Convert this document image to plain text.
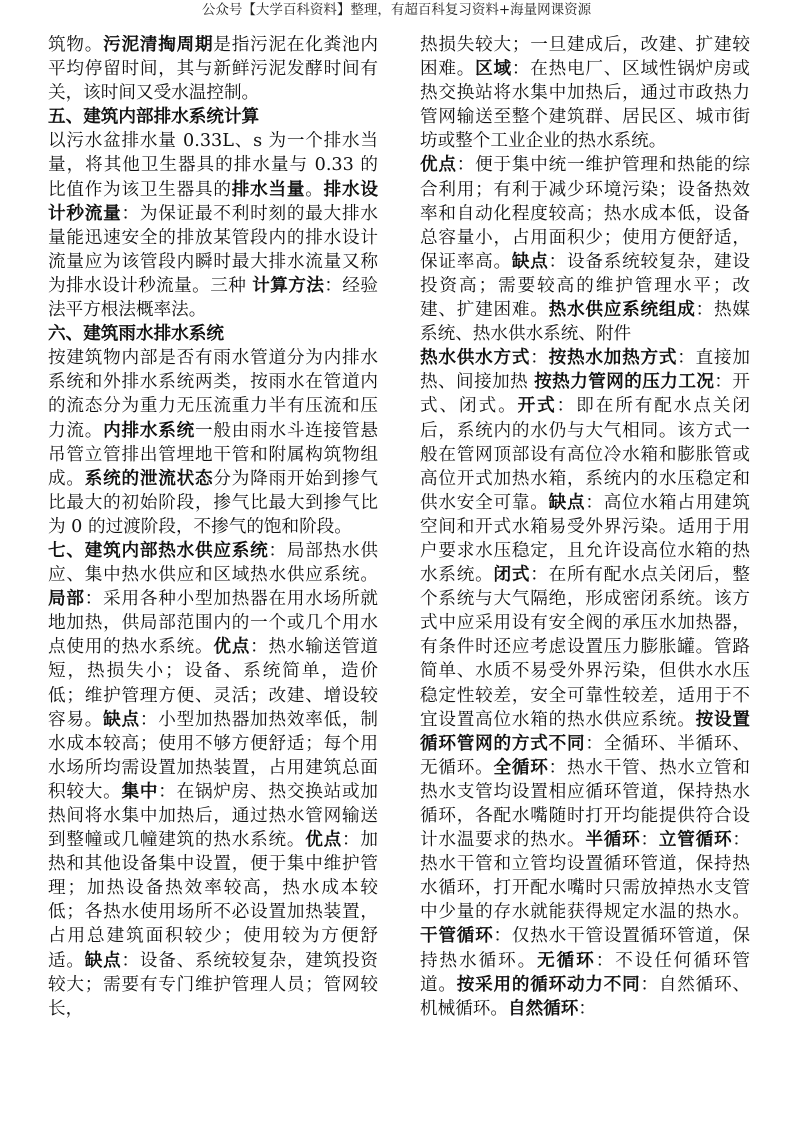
公众号【大学百科资料】整理，有超百科复习资料+海量网课资源

筑物。污泥清掏周期是指污泥在化粪池内平均停留时间，其与新鲜污泥发酵时间有关，该时间又受水温控制。

五、建筑内部排水系统计算

以污水盆排水量 0.33L、s 为一个排水当量，将其他卫生器具的排水量与 0.33 的比值作为该卫生器具的排水当量。排水设计秒流量：为保证最不利时刻的最大排水量能迅速安全的排放某管段内的排水设计流量应为该管段内瞬时最大排水流量又称为排水设计秒流量。三种 计算方法：经验法平方根法概率法。

六、建筑雨水排水系统

按建筑物内部是否有雨水管道分为内排水系统和外排水系统两类，按雨水在管道内的流态分为重力无压流重力半有压流和压力流。内排水系统一般由雨水斗连接管悬吊管立管排出管埋地干管和附属构筑物组成。系统的泄流状态分为降雨开始到掺气比最大的初始阶段，掺气比最大到掺气比为 0 的过渡阶段，不掺气的饱和阶段。

七、建筑内部热水供应系统：局部热水供应、集中热水供应和区域热水供应系统。局部：采用各种小型加热器在用水场所就地加热，供局部范围内的一个或几个用水点使用的热水系统。优点：热水输送管道短，热损失小；设备、系统简单，造价低；维护管理方便、灵活；改建、增设较容易。缺点：小型加热器加热效率低，制水成本较高；使用不够方便舒适；每个用水场所均需设置加热装置，占用建筑总面积较大。集中：在锅炉房、热交换站或加热间将水集中加热后，通过热水管网输送到整幢或几幢建筑的热水系统。优点：加热和其他设备集中设置，便于集中维护管理；加热设备热效率较高，热水成本较低；各热水使用场所不必设置加热装置，占用总建筑面积较少；使用较为方便舒适。缺点：设备、系统较复杂，建筑投资较大；需要有专门维护管理人员；管网较长，

热损失较大；一旦建成后，改建、扩建较困难。区域：在热电厂、区域性锅炉房或热交换站将水集中加热后，通过市政热力管网输送至整个建筑群、居民区、城市街坊或整个工业企业的热水系统。

优点：便于集中统一维护管理和热能的综合利用；有利于减少环境污染；设备热效率和自动化程度较高；热水成本低，设备总容量小，占用面积少；使用方便舒适，保证率高。缺点：设备系统较复杂，建设投资高；需要较高的维护管理水平；改建、扩建困难。热水供应系统组成：热媒系统、热水供水系统、附件

热水供水方式：按热水加热方式：直接加热、间接加热 按热力管网的压力工况：开式、闭式。开式：即在所有配水点关闭后，系统内的水仍与大气相同。该方式一般在管网顶部设有高位冷水箱和膨胀管或高位开式加热水箱，系统内的水压稳定和供水安全可靠。缺点：高位水箱占用建筑空间和开式水箱易受外界污染。适用于用户要求水压稳定，且允许设高位水箱的热水系统。闭式：在所有配水点关闭后，整个系统与大气隔绝，形成密闭系统。该方式中应采用设有安全阀的承压水加热器，有条件时还应考虑设置压力膨胀罐。管路简单、水质不易受外界污染，但供水水压稳定性较差，安全可靠性较差，适用于不宜设置高位水箱的热水供应系统。按设置循环管网的方式不同：全循环、半循环、无循环。全循环：热水干管、热水立管和热水支管均设置相应循环管道，保持热水循环，各配水嘴随时打开均能提供符合设计水温要求的热水。半循环：立管循环：热水干管和立管均设置循环管道，保持热水循环，打开配水嘴时只需放掉热水支管中少量的存水就能获得规定水温的热水。干管循环：仅热水干管设置循环管道，保持热水循环。无循环：不设任何循环管道。按采用的循环动力不同：自然循环、机械循环。自然循环：
